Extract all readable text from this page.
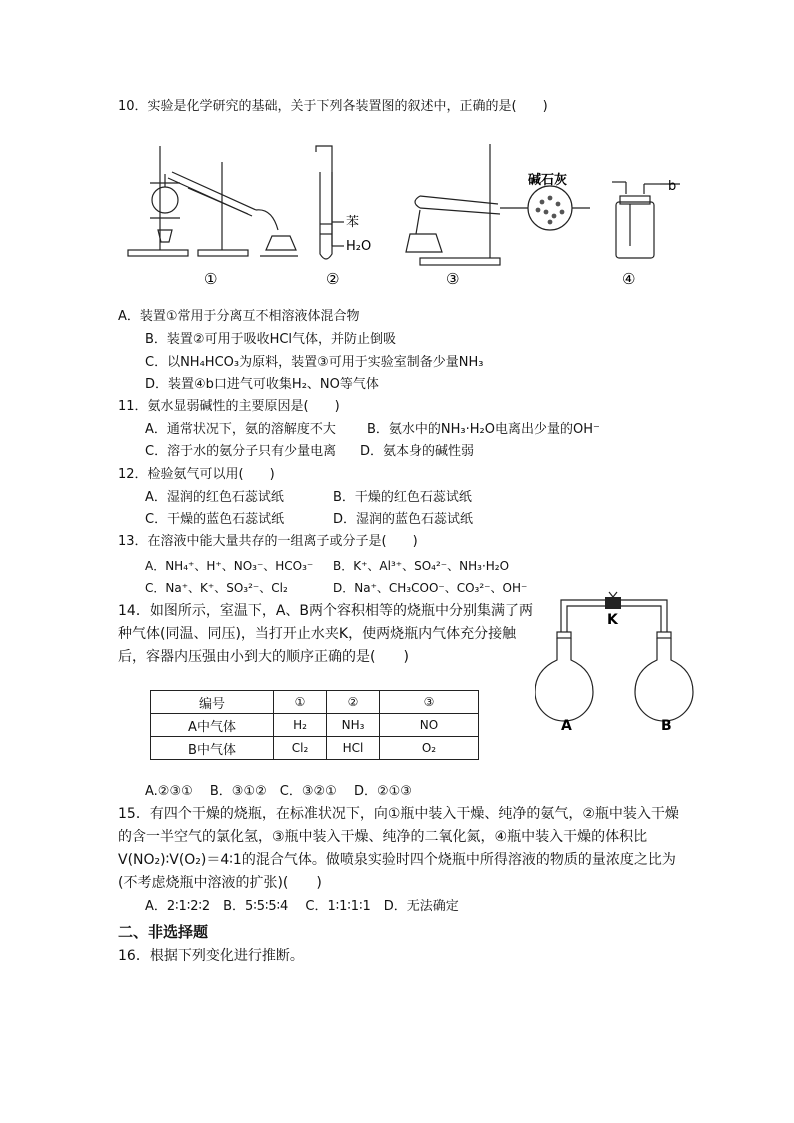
10．实验是化学研究的基础，关于下列各装置图的叙述中，正确的是(　　)
苯
H₂O
碱石灰	b
①	②	③	④
A．装置①常用于分离互不相溶液体混合物
B．装置②可用于吸收HCl气体，并防止倒吸
C．以NH₄HCO₃为原料，装置③可用于实验室制备少量NH₃
D．装置④b口进气可收集H₂、NO等气体
11．氨水显弱碱性的主要原因是(　　)
A．通常状况下，氨的溶解度不大 B．氨水中的NH₃·H₂O电离出少量的OH⁻
C．溶于水的氨分子只有少量电离 D．氨本身的碱性弱
12．检验氨气可以用(　　)
A．湿润的红色石蕊试纸	B．干燥的红色石蕊试纸
C．干燥的蓝色石蕊试纸	D．湿润的蓝色石蕊试纸
13．在溶液中能大量共存的一组离子或分子是(　　)
A．NH₄⁺、H⁺、NO₃⁻、HCO₃⁻ B．K⁺、Al³⁺、SO₄²⁻、NH₃·H₂O
C．Na⁺、K⁺、SO₃²⁻、Cl₂	D．Na⁺、CH₃COO⁻、CO₃²⁻、OH⁻
14．如图所示，室温下，A、B两个容积相等的烧瓶中分别集满了两
种气体(同温、同压)，当打开止水夹K，使两烧瓶内气体充分接触
后，容器内压强由小到大的顺序正确的是(　　)
K
A	B
编号	①	②	③
A中气体	H₂	NH₃	NO
B中气体	Cl₂	HCl	O₂
A.②③①　 B．③①②　C．③②①　 D．②①③
15．有四个干燥的烧瓶，在标准状况下，向①瓶中装入干燥、纯净的氨气，②瓶中装入干燥
的含一半空气的氯化氢，③瓶中装入干燥、纯净的二氧化氮，④瓶中装入干燥的体积比
V(NO₂)∶V(O₂)＝4∶1的混合气体。做喷泉实验时四个烧瓶中所得溶液的物质的量浓度之比为
(不考虑烧瓶中溶液的扩张)(　　)
A．2∶1∶2∶2　B．5∶5∶5∶4　 C．1∶1∶1∶1　D．无法确定
二、非选择题
16．根据下列变化进行推断。
